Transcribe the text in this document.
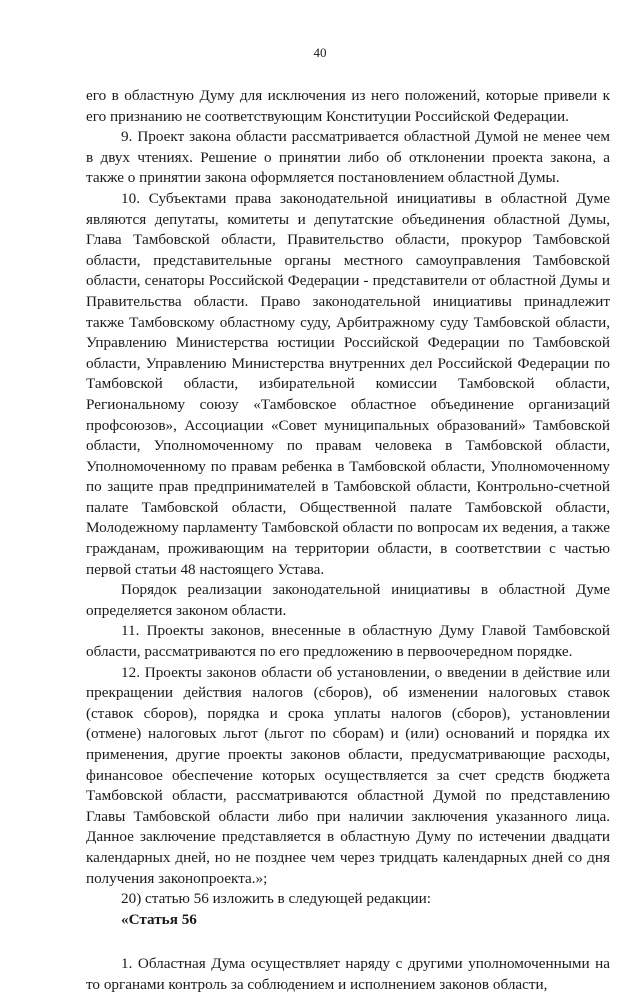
40

его в областную Думу для исключения из него положений, которые привели к его признанию не соответствующим Конституции Российской Федерации.

9. Проект закона области рассматривается областной Думой не менее чем в двух чтениях. Решение о принятии либо об отклонении проекта закона, а также о принятии закона оформляется постановлением областной Думы.

10. Субъектами права законодательной инициативы в областной Думе являются депутаты, комитеты и депутатские объединения областной Думы, Глава Тамбовской области, Правительство области, прокурор Тамбовской области, представительные органы местного самоуправления Тамбовской области, сенаторы Российской Федерации - представители от областной Думы и Правительства области. Право законодательной инициативы принадлежит также Тамбовскому областному суду, Арбитражному суду Тамбовской области, Управлению Министерства юстиции Российской Федерации по Тамбовской области, Управлению Министерства внутренних дел Российской Федерации по Тамбовской области, избирательной комиссии Тамбовской области, Региональному союзу «Тамбовское областное объединение организаций профсоюзов», Ассоциации «Совет муниципальных образований» Тамбовской области, Уполномоченному по правам человека в Тамбовской области, Уполномоченному по правам ребенка в Тамбовской области, Уполномоченному по защите прав предпринимателей в Тамбовской области, Контрольно-счетной палате Тамбовской области, Общественной палате Тамбовской области, Молодежному парламенту Тамбовской области по вопросам их ведения, а также гражданам, проживающим на территории области, в соответствии с частью первой статьи 48 настоящего Устава.

Порядок реализации законодательной инициативы в областной Думе определяется законом области.

11. Проекты законов, внесенные в областную Думу Главой Тамбовской области, рассматриваются по его предложению в первоочередном порядке.

12. Проекты законов области об установлении, о введении в действие или прекращении действия налогов (сборов), об изменении налоговых ставок (ставок сборов), порядка и срока уплаты налогов (сборов), установлении (отмене) налоговых льгот (льгот по сборам) и (или) оснований и порядка их применения, другие проекты законов области, предусматривающие расходы, финансовое обеспечение которых осуществляется за счет средств бюджета Тамбовской области, рассматриваются областной Думой по представлению Главы Тамбовской области либо при наличии заключения указанного лица. Данное заключение представляется в областную Думу по истечении двадцати календарных дней, но не позднее чем через тридцать календарных дней со дня получения законопроекта.»;

20) статью 56 изложить в следующей редакции:

«Статья 56

1. Областная Дума осуществляет наряду с другими уполномоченными на то органами контроль за соблюдением и исполнением законов области,
